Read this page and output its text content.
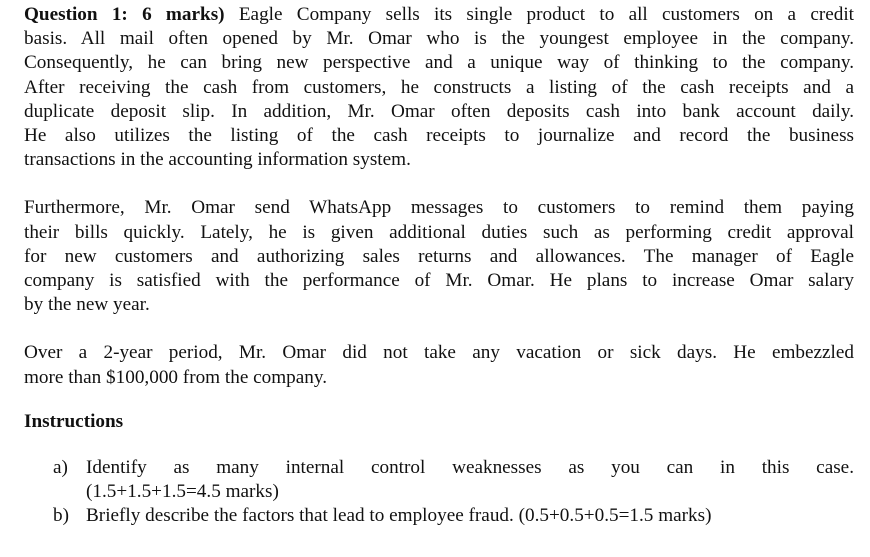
Question 1: 6 marks) Eagle Company sells its single product to all customers on a credit
basis. All mail often opened by Mr. Omar who is the youngest employee in the company.
Consequently, he can bring new perspective and a unique way of thinking to the company.
After receiving the cash from customers, he constructs a listing of the cash receipts and a
duplicate deposit slip. In addition, Mr. Omar often deposits cash into bank account daily.
He also utilizes the listing of the cash receipts to journalize and record the business
transactions in the accounting information system.
Furthermore, Mr. Omar send WhatsApp messages to customers to remind them paying
their bills quickly. Lately, he is given additional duties such as performing credit approval
for new customers and authorizing sales returns and allowances. The manager of Eagle
company is satisfied with the performance of Mr. Omar. He plans to increase Omar salary
by the new year.
Over a 2-year period, Mr. Omar did not take any vacation or sick days. He embezzled
more than $100,000 from the company.

Instructions

a) Identify as many internal control weaknesses as you can in this case.
(1.5+1.5+1.5=4.5 marks)
b) Briefly describe the factors that lead to employee fraud. (0.5+0.5+0.5=1.5 marks)
